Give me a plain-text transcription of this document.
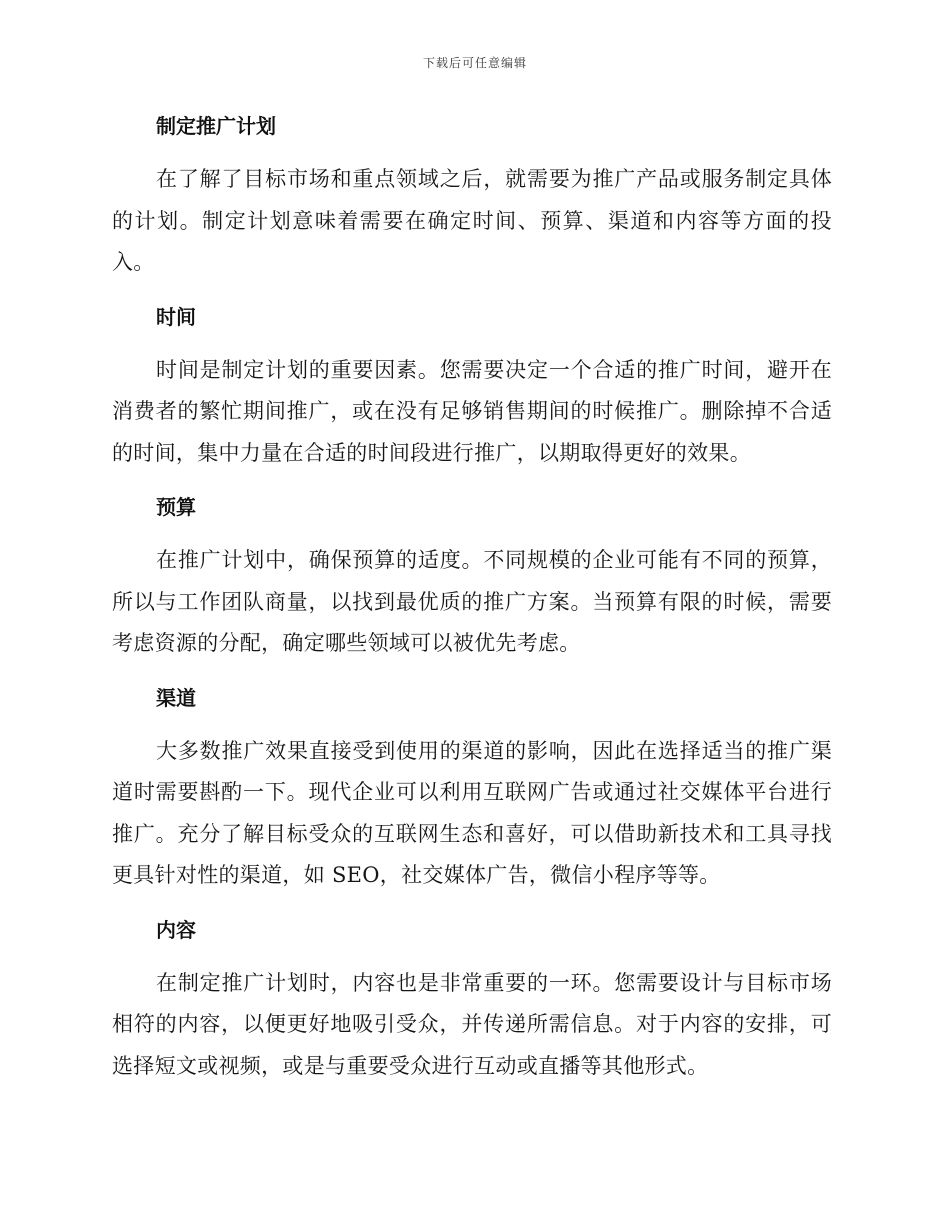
下载后可任意编辑
制定推广计划

在了解了目标市场和重点领域之后，就需要为推广产品或服务制定具体的计划。制定计划意味着需要在确定时间、预算、渠道和内容等方面的投入。

时间

时间是制定计划的重要因素。您需要决定一个合适的推广时间，避开在消费者的繁忙期间推广，或在没有足够销售期间的时候推广。删除掉不合适的时间，集中力量在合适的时间段进行推广，以期取得更好的效果。

预算

在推广计划中，确保预算的适度。不同规模的企业可能有不同的预算，所以与工作团队商量，以找到最优质的推广方案。当预算有限的时候，需要考虑资源的分配，确定哪些领域可以被优先考虑。

渠道

大多数推广效果直接受到使用的渠道的影响，因此在选择适当的推广渠道时需要斟酌一下。现代企业可以利用互联网广告或通过社交媒体平台进行推广。充分了解目标受众的互联网生态和喜好，可以借助新技术和工具寻找更具针对性的渠道，如 SEO，社交媒体广告，微信小程序等等。

内容

在制定推广计划时，内容也是非常重要的一环。您需要设计与目标市场相符的内容，以便更好地吸引受众，并传递所需信息。对于内容的安排，可选择短文或视频，或是与重要受众进行互动或直播等其他形式。
